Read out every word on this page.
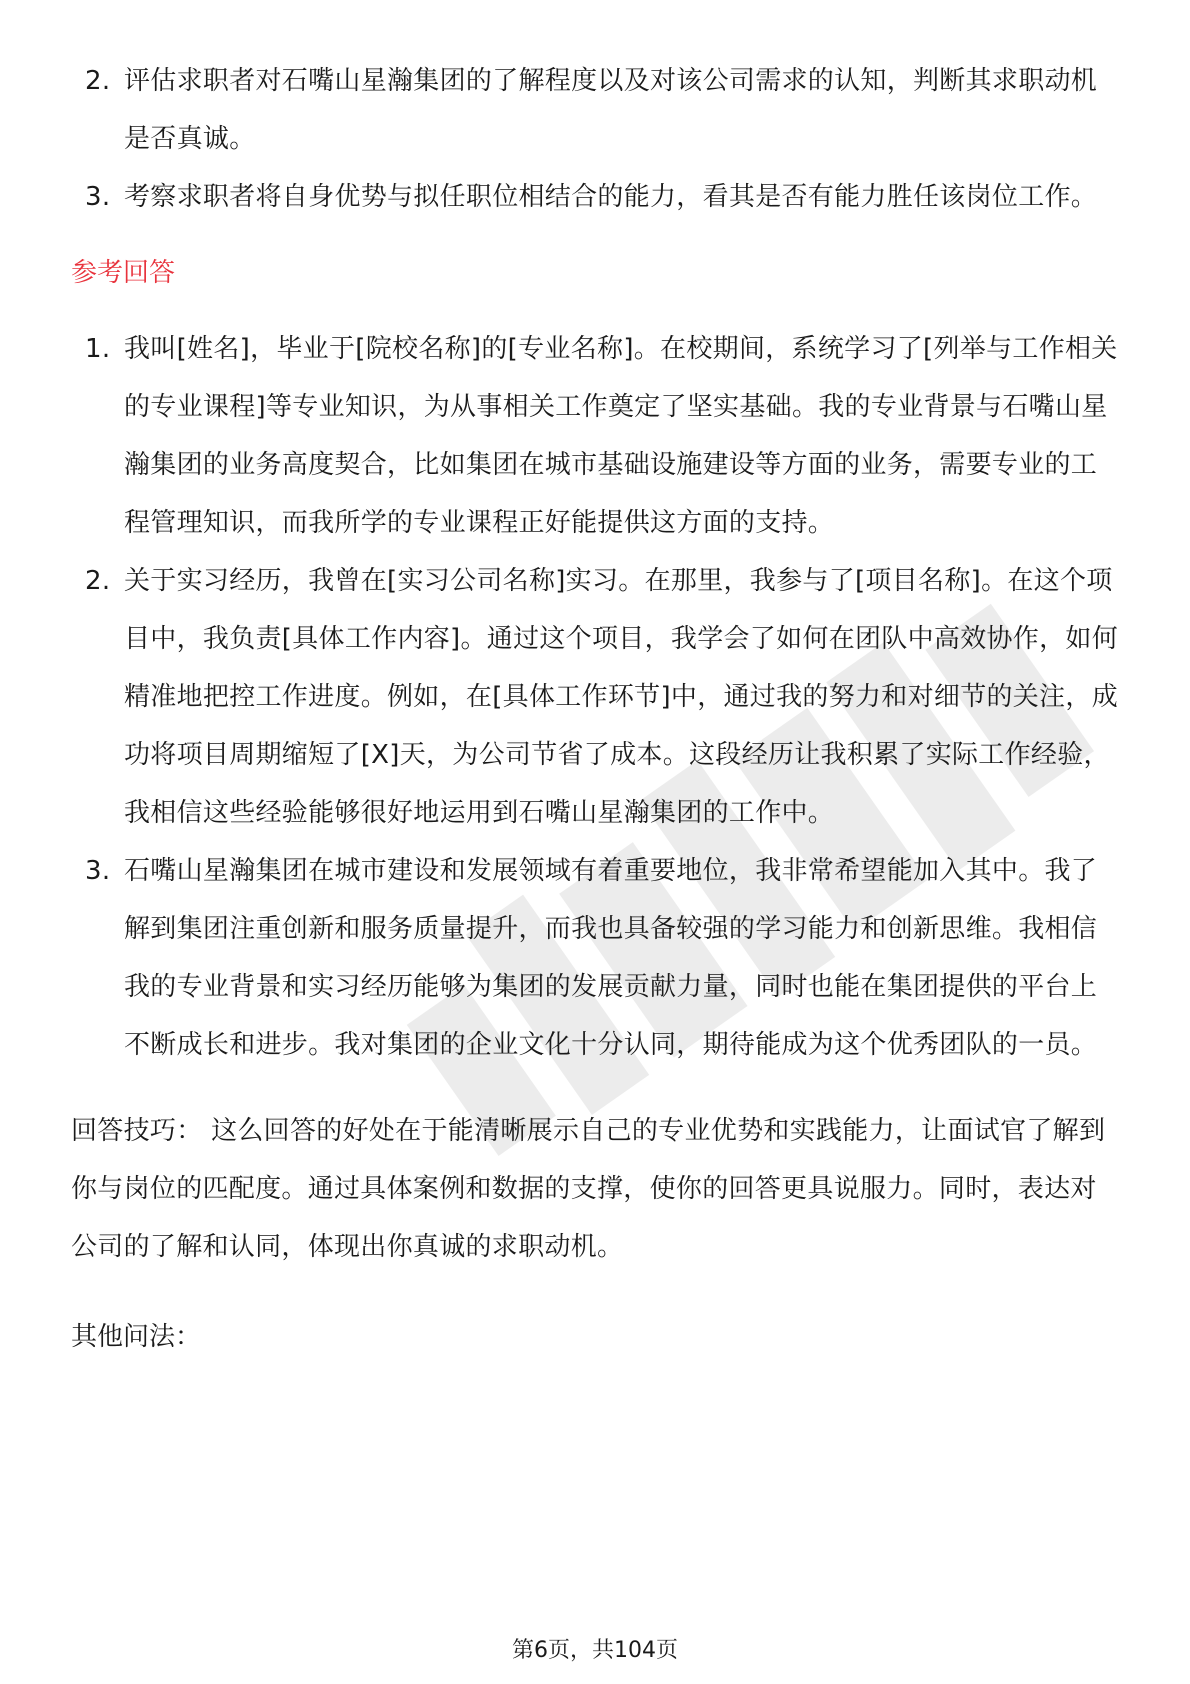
2. 评估求职者对石嘴山星瀚集团的了解程度以及对该公司需求的认知，判断其求职动机是否真诚。
3. 考察求职者将自身优势与拟任职位相结合的能力，看其是否有能力胜任该岗位工作。
参考回答
1. 我叫[姓名]，毕业于[院校名称]的[专业名称]。在校期间，系统学习了[列举与工作相关的专业课程]等专业知识，为从事相关工作奠定了坚实基础。我的专业背景与石嘴山星瀚集团的业务高度契合，比如集团在城市基础设施建设等方面的业务，需要专业的工程管理知识，而我所学的专业课程正好能提供这方面的支持。
2. 关于实习经历，我曾在[实习公司名称]实习。在那里，我参与了[项目名称]。在这个项目中，我负责[具体工作内容]。通过这个项目，我学会了如何在团队中高效协作，如何精准地把控工作进度。例如，在[具体工作环节]中，通过我的努力和对细节的关注，成功将项目周期缩短了[X]天，为公司节省了成本。这段经历让我积累了实际工作经验，我相信这些经验能够很好地运用到石嘴山星瀚集团的工作中。
3. 石嘴山星瀚集团在城市建设和发展领域有着重要地位，我非常希望能加入其中。我了解到集团注重创新和服务质量提升，而我也具备较强的学习能力和创新思维。我相信我的专业背景和实习经历能够为集团的发展贡献力量，同时也能在集团提供的平台上不断成长和进步。我对集团的企业文化十分认同，期待能成为这个优秀团队的一员。
回答技巧： 这么回答的好处在于能清晰展示自己的专业优势和实践能力，让面试官了解到你与岗位的匹配度。通过具体案例和数据的支撑，使你的回答更具说服力。同时，表达对公司的了解和认同，体现出你真诚的求职动机。
其他问法：
第6页，共104页
